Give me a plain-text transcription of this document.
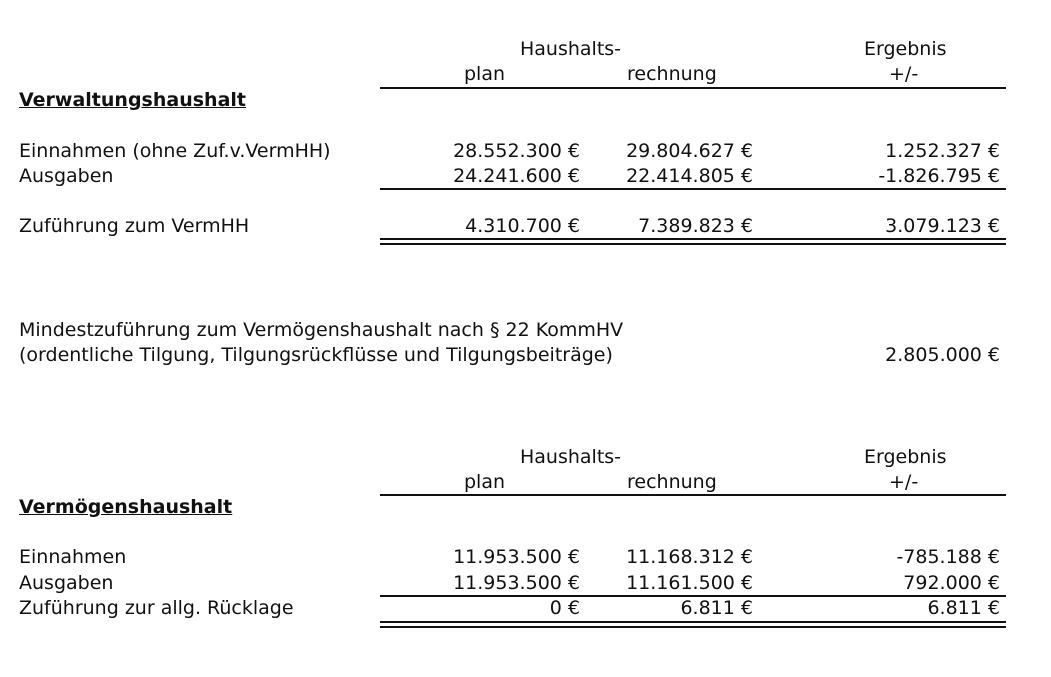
Haushalts-	Ergebnis
plan	rechnung	+/-
Verwaltungshaushalt
Einnahmen (ohne Zuf.v.VermHH)	28.552.300 €	29.804.627 €	1.252.327 €
Ausgaben	24.241.600 €	22.414.805 €	-1.826.795 €
Zuführung zum VermHH	4.310.700 €	7.389.823 €	3.079.123 €
Mindestzuführung zum Vermögenshaushalt nach § 22 KommHV
(ordentliche Tilgung, Tilgungsrückflüsse und Tilgungsbeiträge)	2.805.000 €
Haushalts-	Ergebnis
plan	rechnung	+/-
Vermögenshaushalt
Einnahmen	11.953.500 €	11.168.312 €	-785.188 €
Ausgaben	11.953.500 €	11.161.500 €	792.000 €
Zuführung zur allg. Rücklage	0 €	6.811 €	6.811 €
